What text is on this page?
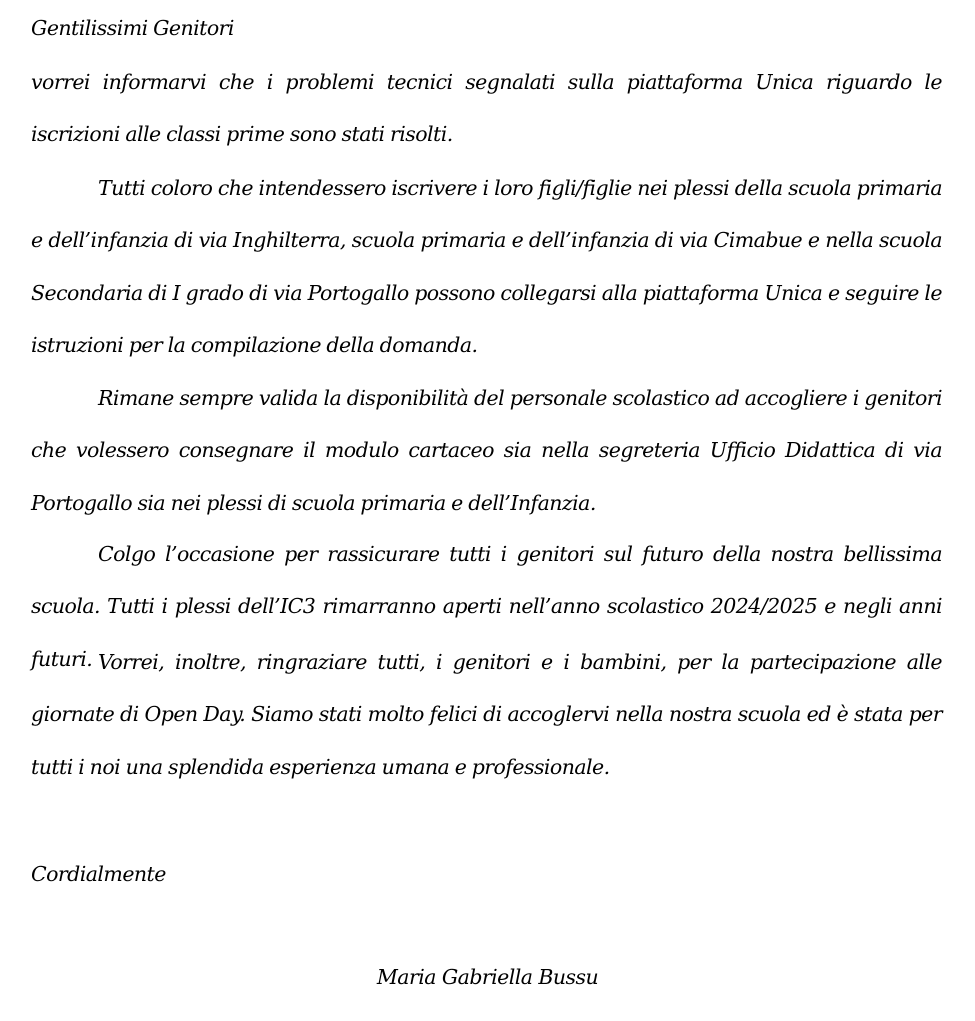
Gentilissimi Genitori

vorrei informarvi che i problemi tecnici segnalati sulla piattaforma Unica riguardo le iscrizioni alle classi prime sono stati risolti.

Tutti coloro che intendessero iscrivere i loro figli/figlie nei plessi della scuola primaria e dell’infanzia di via Inghilterra, scuola primaria e dell’infanzia di via Cimabue e nella scuola Secondaria di I grado di via Portogallo possono collegarsi alla piattaforma Unica e seguire le istruzioni per la compilazione della domanda.

Rimane sempre valida la disponibilità del personale scolastico ad accogliere i genitori che volessero consegnare il modulo cartaceo sia nella segreteria Ufficio Didattica di via Portogallo sia nei plessi di scuola primaria e dell’Infanzia.

Colgo l’occasione per rassicurare tutti i genitori sul futuro della nostra bellissima scuola. Tutti i plessi dell’IC3 rimarranno aperti nell’anno scolastico 2024/2025 e negli anni futuri. Vorrei, inoltre, ringraziare tutti, i genitori e i bambini, per la partecipazione alle giornate di Open Day. Siamo stati molto felici di accoglervi nella nostra scuola ed è stata per tutti i noi una splendida esperienza umana e professionale.

Cordialmente

Maria Gabriella Bussu
